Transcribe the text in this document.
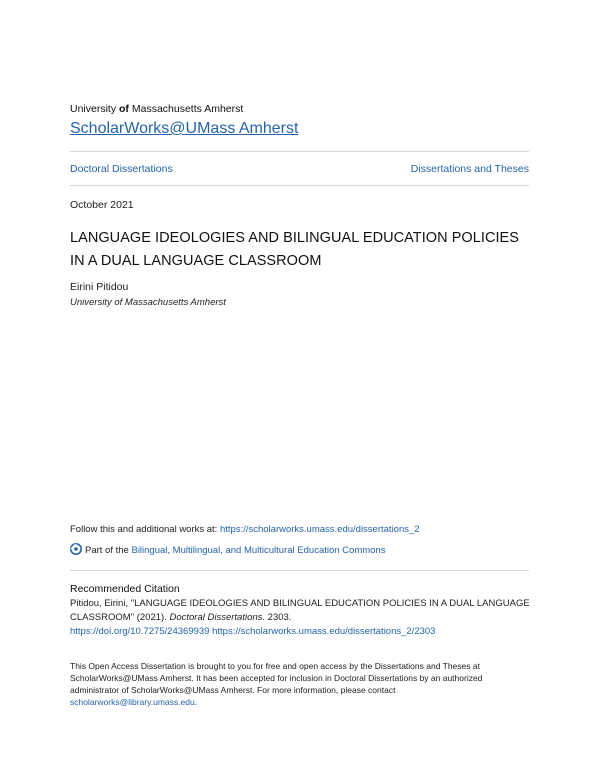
University of Massachusetts Amherst
ScholarWorks@UMass Amherst
Doctoral Dissertations	Dissertations and Theses
October 2021
LANGUAGE IDEOLOGIES AND BILINGUAL EDUCATION POLICIES
IN A DUAL LANGUAGE CLASSROOM
Eirini Pitidou
University of Massachusetts Amherst
Follow this and additional works at: https://scholarworks.umass.edu/dissertations_2
Part of the Bilingual, Multilingual, and Multicultural Education Commons
Recommended Citation
Pitidou, Eirini, "LANGUAGE IDEOLOGIES AND BILINGUAL EDUCATION POLICIES IN A DUAL LANGUAGE
CLASSROOM" (2021). Doctoral Dissertations. 2303.
https://doi.org/10.7275/24369939 https://scholarworks.umass.edu/dissertations_2/2303
This Open Access Dissertation is brought to you for free and open access by the Dissertations and Theses at
ScholarWorks@UMass Amherst. It has been accepted for inclusion in Doctoral Dissertations by an authorized
administrator of ScholarWorks@UMass Amherst. For more information, please contact
scholarworks@library.umass.edu.
